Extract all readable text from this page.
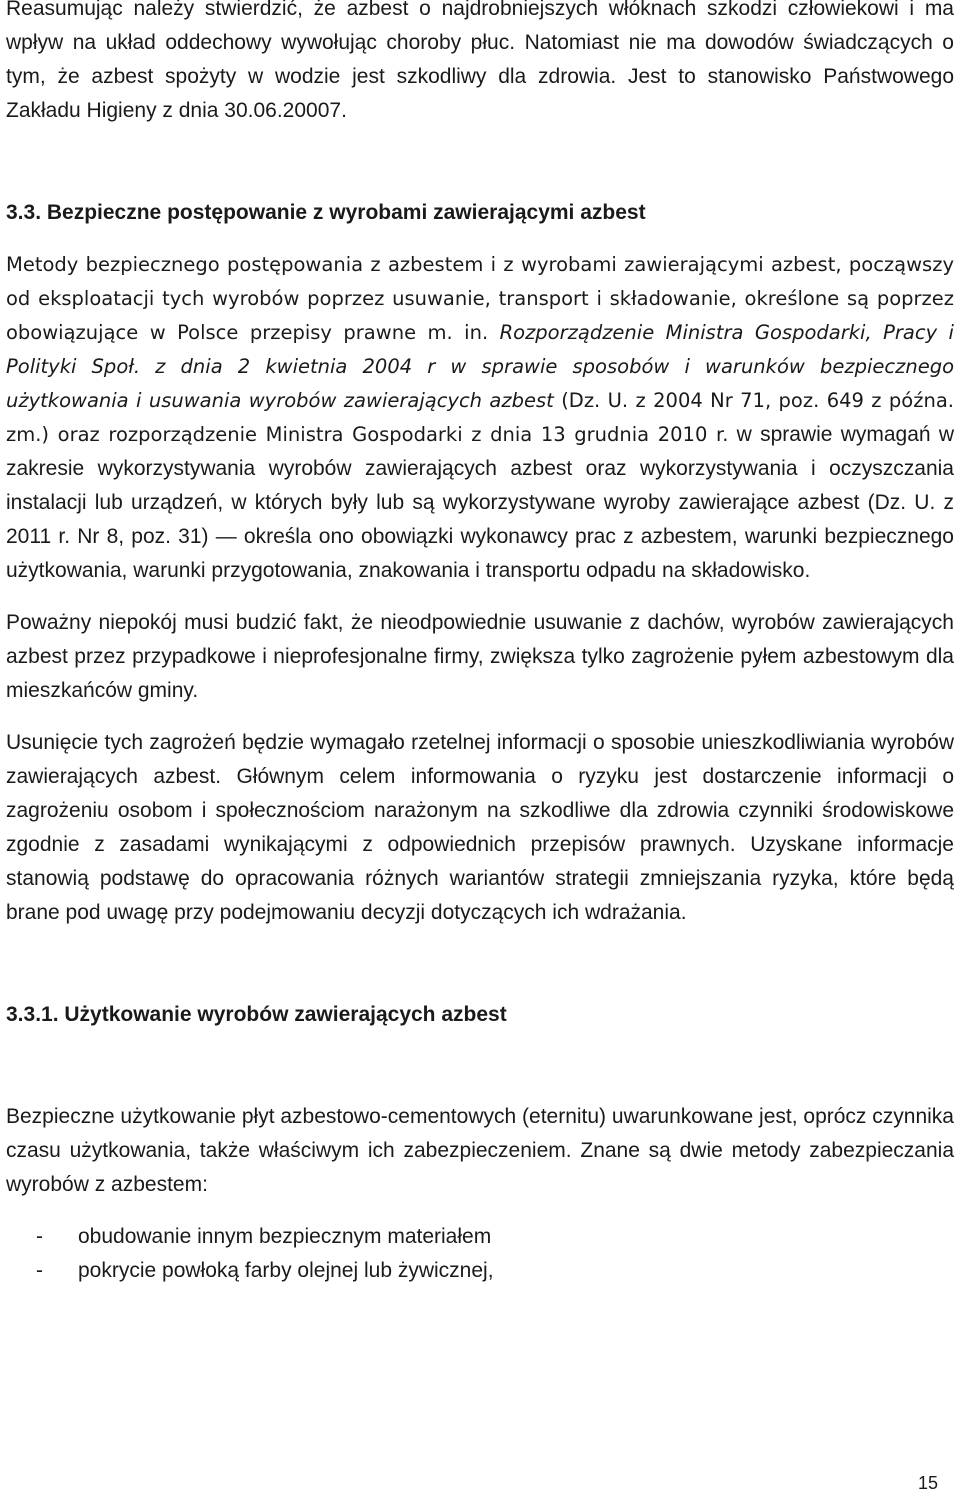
Reasumując należy stwierdzić, że azbest o najdrobniejszych włóknach szkodzi człowiekowi i ma wpływ na układ oddechowy wywołując choroby płuc. Natomiast nie ma dowodów świadczących o tym, że azbest spożyty w wodzie jest szkodliwy dla zdrowia. Jest to stanowisko Państwowego Zakładu Higieny z dnia 30.06.20007.

3.3. Bezpieczne postępowanie z wyrobami zawierającymi azbest

Metody bezpiecznego postępowania z azbestem i z wyrobami zawierającymi azbest, począwszy od eksploatacji tych wyrobów poprzez usuwanie, transport i składowanie, określone są poprzez obowiązujące w Polsce przepisy prawne m. in. Rozporządzenie Ministra Gospodarki, Pracy i Polityki Społ. z dnia 2 kwietnia 2004 r w sprawie sposobów i warunków bezpiecznego użytkowania i usuwania wyrobów zawierających azbest (Dz. U. z 2004 Nr 71, poz. 649 z późna. zm.) oraz rozporządzenie Ministra Gospodarki z dnia 13 grudnia 2010 r. w sprawie wymagań w zakresie wykorzystywania wyrobów zawierających azbest oraz wykorzystywania i oczyszczania instalacji lub urządzeń, w których były lub są wykorzystywane wyroby zawierające azbest (Dz. U. z 2011 r. Nr 8, poz. 31) — określa ono obowiązki wykonawcy prac z azbestem, warunki bezpiecznego użytkowania, warunki przygotowania, znakowania i transportu odpadu na składowisko.

Poważny niepokój musi budzić fakt, że nieodpowiednie usuwanie z dachów, wyrobów zawierających azbest przez przypadkowe i nieprofesjonalne firmy, zwiększa tylko zagrożenie pyłem azbestowym dla mieszkańców gminy.

Usunięcie tych zagrożeń będzie wymagało rzetelnej informacji o sposobie unieszkodliwiania wyrobów zawierających azbest. Głównym celem informowania o ryzyku jest dostarczenie informacji o zagrożeniu osobom i społecznościom narażonym na szkodliwe dla zdrowia czynniki środowiskowe zgodnie z zasadami wynikającymi z odpowiednich przepisów prawnych. Uzyskane informacje stanowią podstawę do opracowania różnych wariantów strategii zmniejszania ryzyka, które będą brane pod uwagę przy podejmowaniu decyzji dotyczących ich wdrażania.

3.3.1. Użytkowanie wyrobów zawierających azbest

Bezpieczne użytkowanie płyt azbestowo-cementowych (eternitu) uwarunkowane jest, oprócz czynnika czasu użytkowania, także właściwym ich zabezpieczeniem. Znane są dwie metody zabezpieczania wyrobów z azbestem:

-	obudowanie innym bezpiecznym materiałem
-	pokrycie powłoką farby olejnej lub żywicznej,
15
